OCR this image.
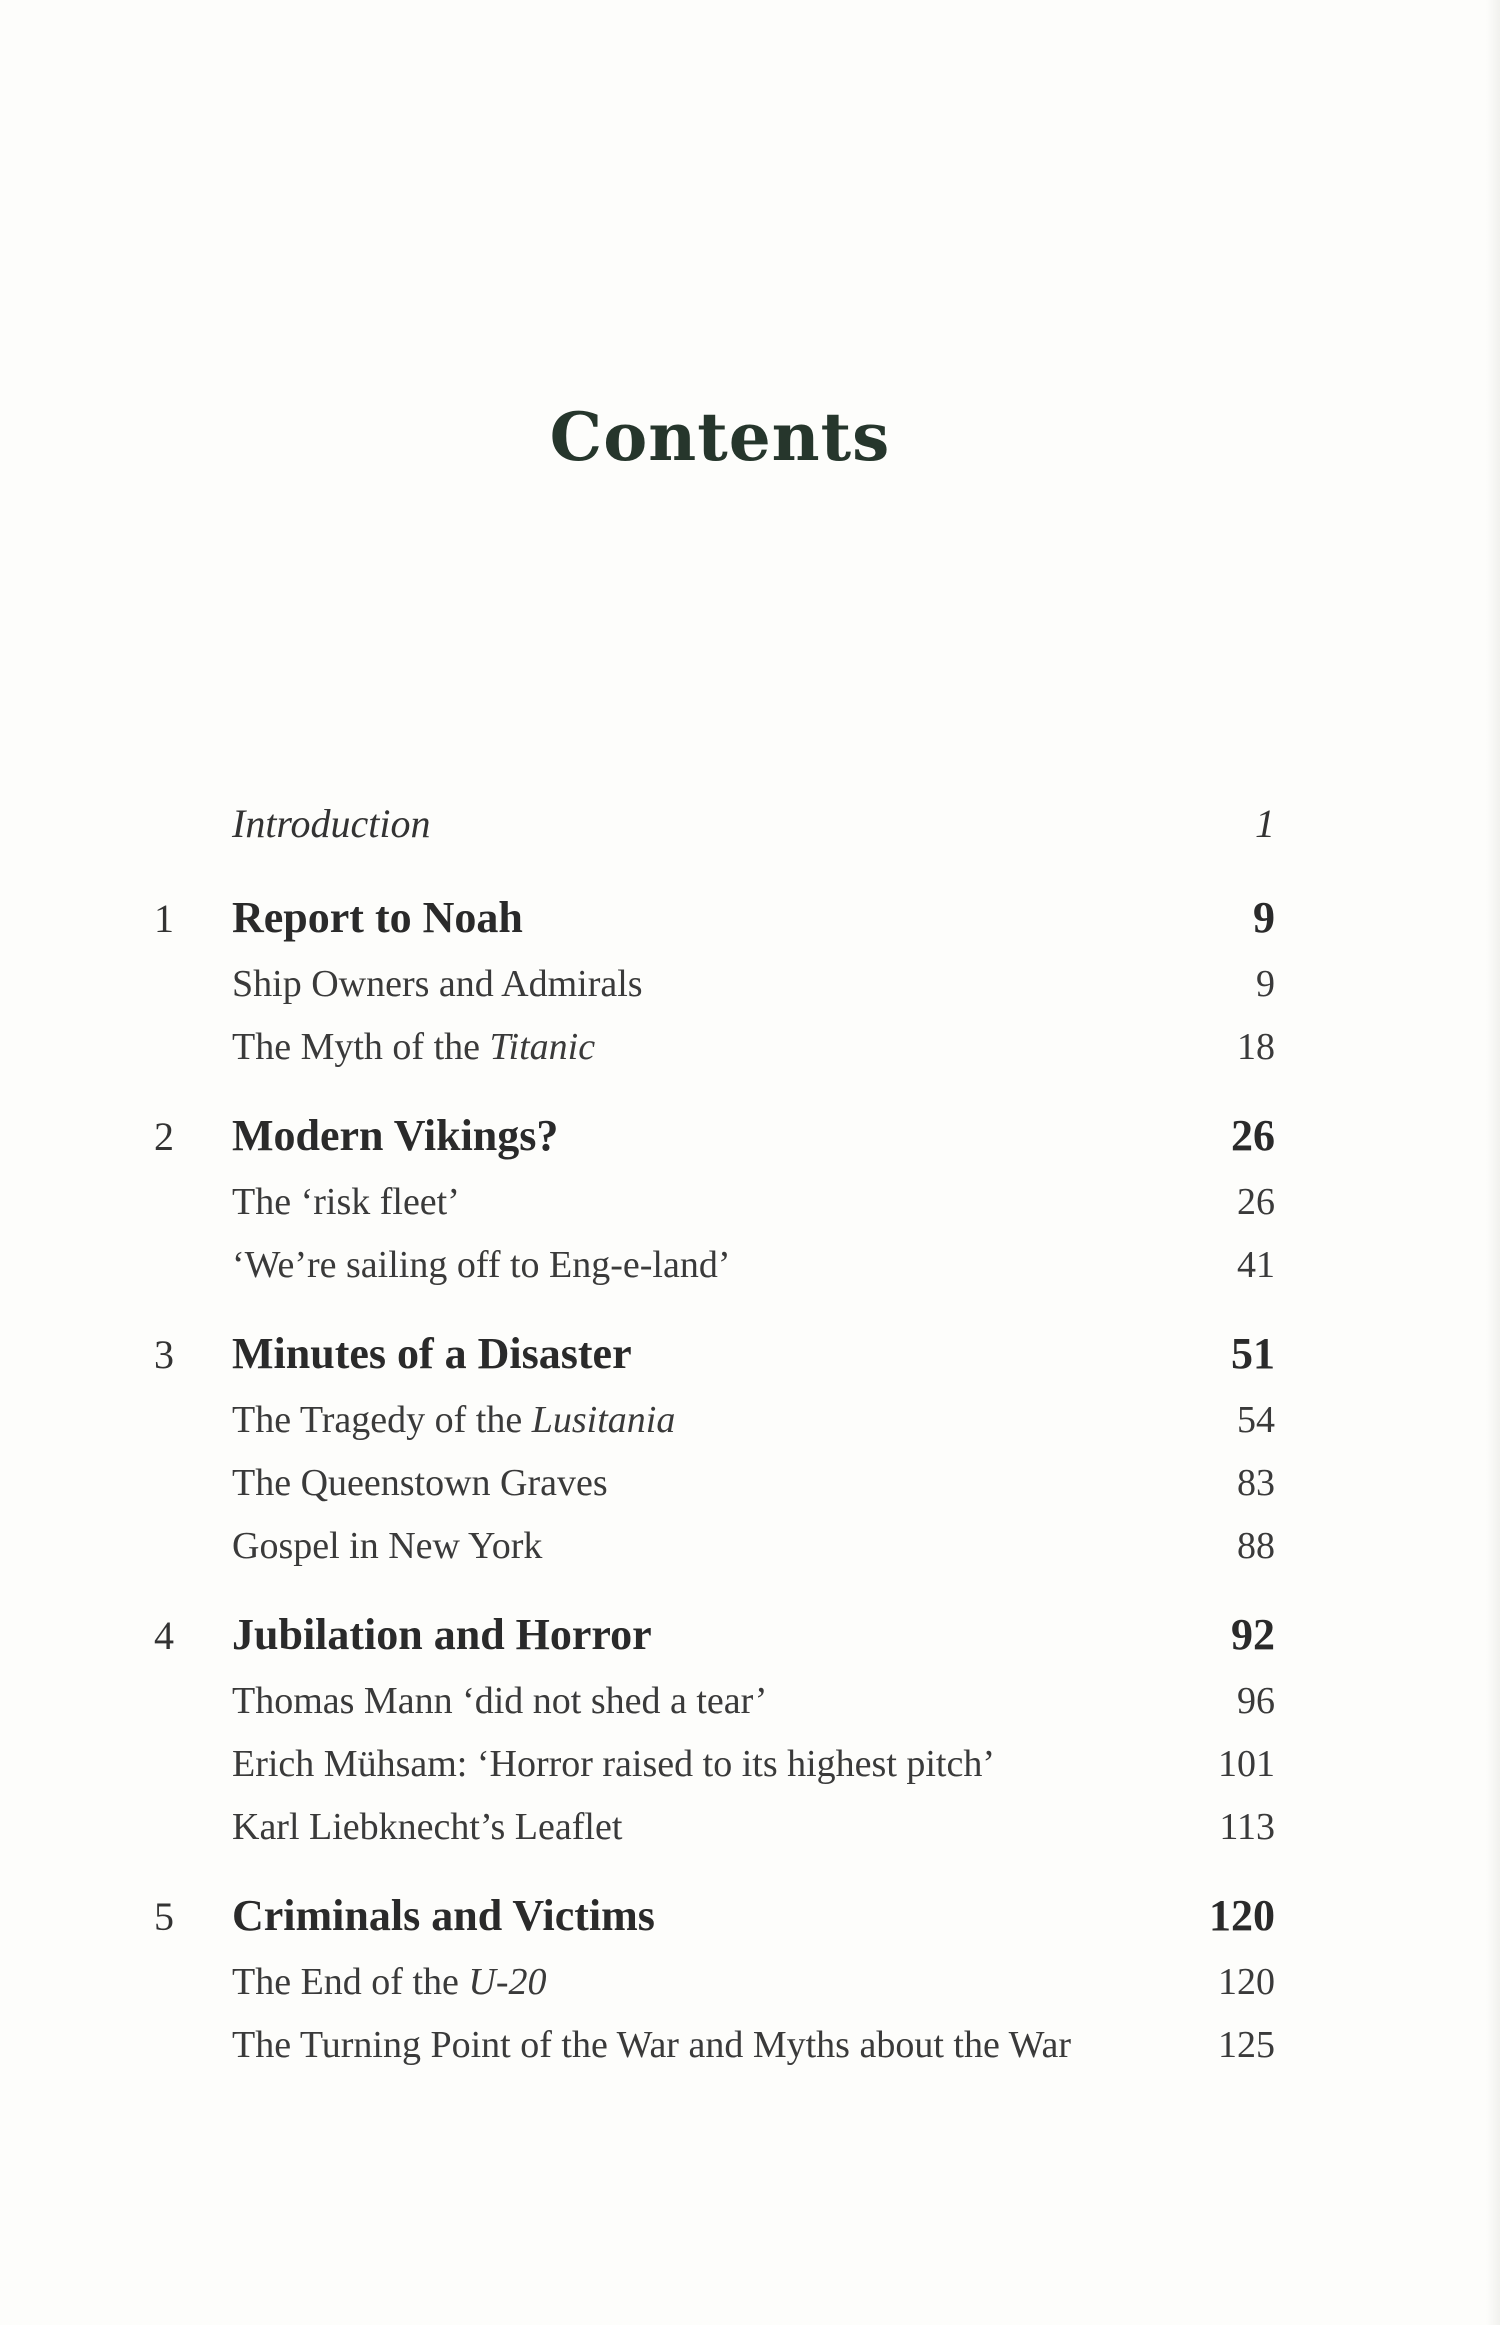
Contents
Introduction	1
1	Report to Noah	9
Ship Owners and Admirals	9
The Myth of the Titanic	18
2	Modern Vikings?	26
The ‘risk fleet’	26
‘We’re sailing off to Eng-e-land’	41
3	Minutes of a Disaster	51
The Tragedy of the Lusitania	54
The Queenstown Graves	83
Gospel in New York	88
4	Jubilation and Horror	92
Thomas Mann ‘did not shed a tear’	96
Erich Mühsam: ‘Horror raised to its highest pitch’	101
Karl Liebknecht’s Leaflet	113
5	Criminals and Victims	120
The End of the U-20	120
The Turning Point of the War and Myths about the War	125
